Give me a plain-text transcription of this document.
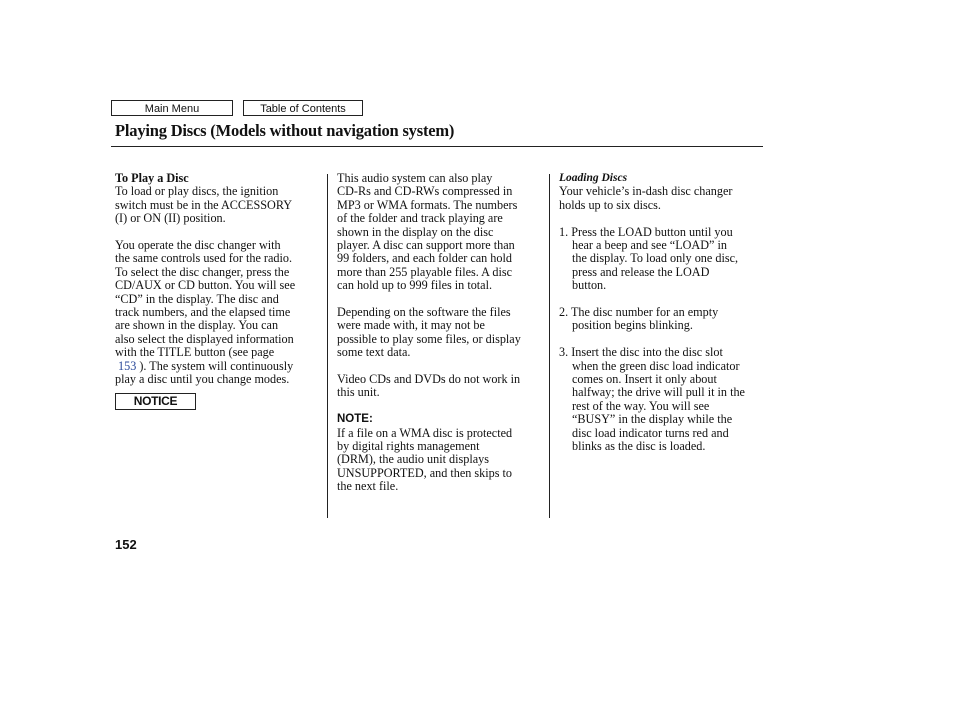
Main Menu	Table of Contents
Playing Discs (Models without navigation system)

To Play a Disc

To load or play discs, the ignition

switch must be in the ACCESSORY

(I) or ON (II) position.

You operate the disc changer with

the same controls used for the radio.

To select the disc changer, press the

CD/AUX or CD button. You will see

“CD” in the display. The disc and

track numbers, and the elapsed time

are shown in the display. You can

also select the displayed information

with the TITLE button (see page

153 ). The system will continuously

play a disc until you change modes.

NOTICE

This audio system can also play

CD-Rs and CD-RWs compressed in

MP3 or WMA formats. The numbers

of the folder and track playing are

shown in the display on the disc

player. A disc can support more than

99 folders, and each folder can hold

more than 255 playable files. A disc

can hold up to 999 files in total.

Depending on the software the files

were made with, it may not be

possible to play some files, or display

some text data.

Video CDs and DVDs do not work in

this unit.

NOTE:

If a file on a WMA disc is protected

by digital rights management

(DRM), the audio unit displays

UNSUPPORTED, and then skips to

the next file.

Loading Discs

Your vehicle’s in-dash disc changer

holds up to six discs.

1. Press the LOAD button until you

hear a beep and see “LOAD” in

the display. To load only one disc,

press and release the LOAD

button.

2. The disc number for an empty

position begins blinking.

3. Insert the disc into the disc slot

when the green disc load indicator

comes on. Insert it only about

halfway; the drive will pull it in the

rest of the way. You will see

“BUSY” in the display while the

disc load indicator turns red and

blinks as the disc is loaded.

152
